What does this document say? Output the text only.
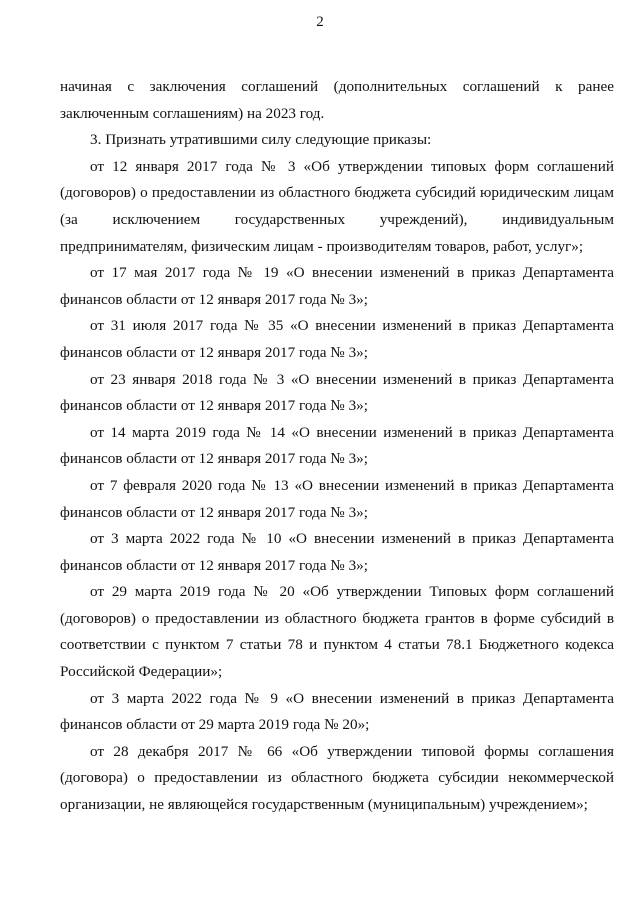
2

начиная с заключения соглашений (дополнительных соглашений к ранее заключенным соглашениям) на 2023 год.

3. Признать утратившими силу следующие приказы:

от 12 января 2017 года № 3 «Об утверждении типовых форм соглашений (договоров) о предоставлении из областного бюджета субсидий юридическим лицам (за исключением государственных учреждений), индивидуальным предпринимателям, физическим лицам - производителям товаров, работ, услуг»;

от 17 мая 2017 года № 19 «О внесении изменений в приказ Департамента финансов области от 12 января 2017 года № 3»;

от 31 июля 2017 года № 35 «О внесении изменений в приказ Департамента финансов области от 12 января 2017 года № 3»;

от 23 января 2018 года № 3 «О внесении изменений в приказ Департамента финансов области от 12 января 2017 года № 3»;

от 14 марта 2019 года № 14 «О внесении изменений в приказ Департамента финансов области от 12 января 2017 года № 3»;

от 7 февраля 2020 года № 13 «О внесении изменений в приказ Департамента финансов области от 12 января 2017 года № 3»;

от 3 марта 2022 года № 10 «О внесении изменений в приказ Департамента финансов области от 12 января 2017 года № 3»;

от 29 марта 2019 года № 20 «Об утверждении Типовых форм соглашений (договоров) о предоставлении из областного бюджета грантов в форме субсидий в соответствии с пунктом 7 статьи 78 и пунктом 4 статьи 78.1 Бюджетного кодекса Российской Федерации»;

от 3 марта 2022 года № 9 «О внесении изменений в приказ Департамента финансов области от 29 марта 2019 года № 20»;

от 28 декабря 2017 № 66 «Об утверждении типовой формы соглашения (договора) о предоставлении из областного бюджета субсидии некоммерческой организации, не являющейся государственным (муниципальным) учреждением»;
